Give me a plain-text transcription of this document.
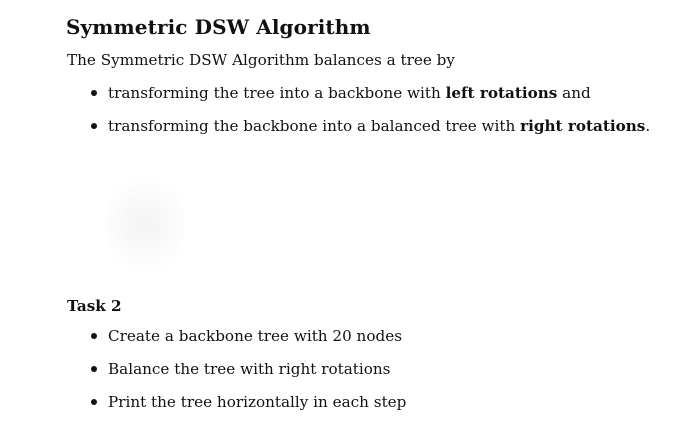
Symmetric DSW Algorithm

The Symmetric DSW Algorithm balances a tree by

transforming the tree into a backbone with left rotations and
transforming the backbone into a balanced tree with right rotations.
Task 2
Create a backbone tree with 20 nodes
Balance the tree with right rotations
Print the tree horizontally in each step
